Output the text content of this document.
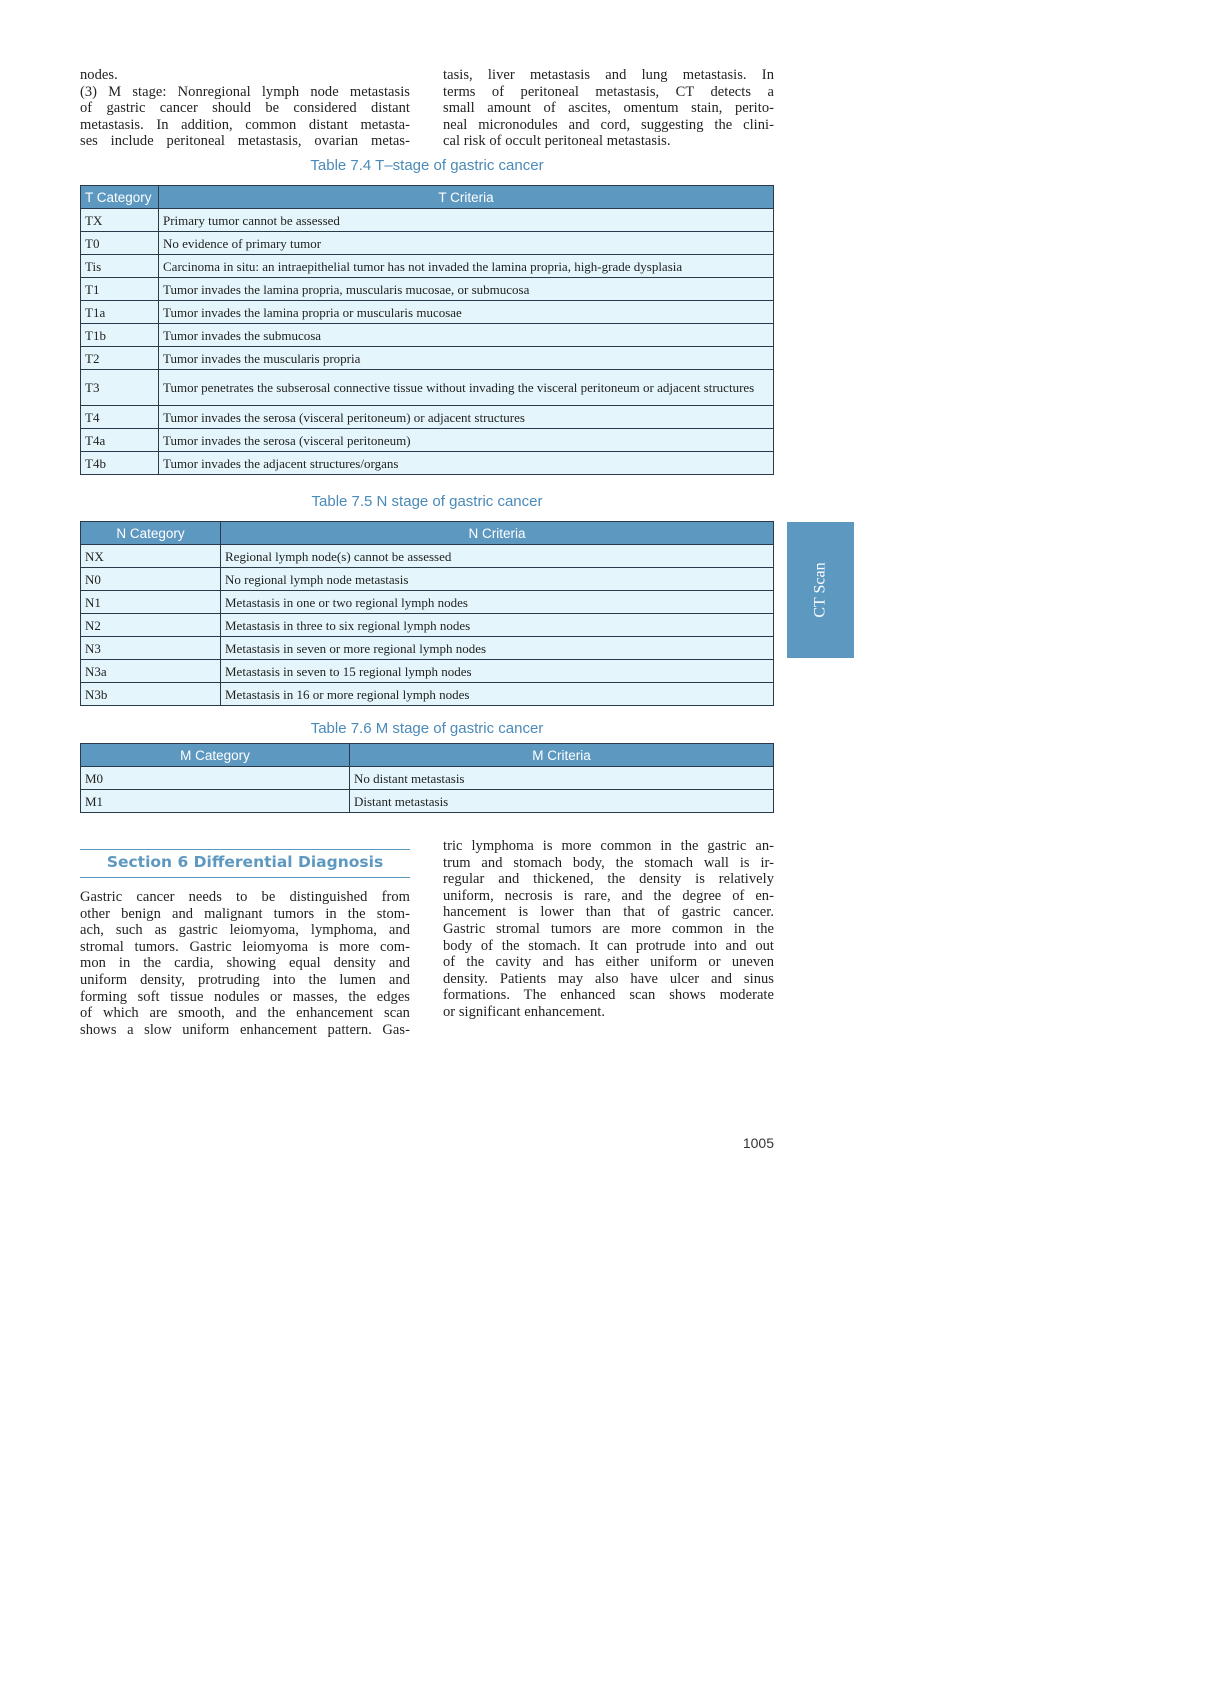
nodes.

(3) M stage: Nonregional lymph node metastasis

of gastric cancer should be considered distant

metastasis. In addition, common distant metasta-

ses include peritoneal metastasis, ovarian metas-

tasis, liver metastasis and lung metastasis. In

terms of peritoneal metastasis, CT detects a

small amount of ascites, omentum stain, perito-

neal micronodules and cord, suggesting the clini-

cal risk of occult peritoneal metastasis.

Table 7.4 T–stage of gastric cancer
T Category	T Criteria
TX	Primary tumor cannot be assessed
T0	No evidence of primary tumor
Tis	Carcinoma in situ: an intraepithelial tumor has not invaded the lamina propria, high-grade dysplasia
T1	Tumor invades the lamina propria, muscularis mucosae, or submucosa
T1a	Tumor invades the lamina propria or muscularis mucosae
T1b	Tumor invades the submucosa
T2	Tumor invades the muscularis propria
T3	Tumor penetrates the subserosal connective tissue without invading the visceral peritoneum or adjacent structures
T4	Tumor invades the serosa (visceral peritoneum) or adjacent structures
T4a	Tumor invades the serosa (visceral peritoneum)
T4b	Tumor invades the adjacent structures/organs
Table 7.5 N stage of gastric cancer
N Category	N Criteria
NX	Regional lymph node(s) cannot be assessed
N0	No regional lymph node metastasis
N1	Metastasis in one or two regional lymph nodes
N2	Metastasis in three to six regional lymph nodes
N3	Metastasis in seven or more regional lymph nodes
N3a	Metastasis in seven to 15 regional lymph nodes
N3b	Metastasis in 16 or more regional lymph nodes
CT Scan
Table 7.6 M stage of gastric cancer
M Category	M Criteria
M0	No distant metastasis
M1	Distant metastasis
Section 6 Differential Diagnosis

Gastric cancer needs to be distinguished from

other benign and malignant tumors in the stom-

ach, such as gastric leiomyoma, lymphoma, and

stromal tumors. Gastric leiomyoma is more com-

mon in the cardia, showing equal density and

uniform density, protruding into the lumen and

forming soft tissue nodules or masses, the edges

of which are smooth, and the enhancement scan

shows a slow uniform enhancement pattern. Gas-

tric lymphoma is more common in the gastric an-

trum and stomach body, the stomach wall is ir-

regular and thickened, the density is relatively

uniform, necrosis is rare, and the degree of en-

hancement is lower than that of gastric cancer.

Gastric stromal tumors are more common in the

body of the stomach. It can protrude into and out

of the cavity and has either uniform or uneven

density. Patients may also have ulcer and sinus

formations. The enhanced scan shows moderate

or significant enhancement.

1005
